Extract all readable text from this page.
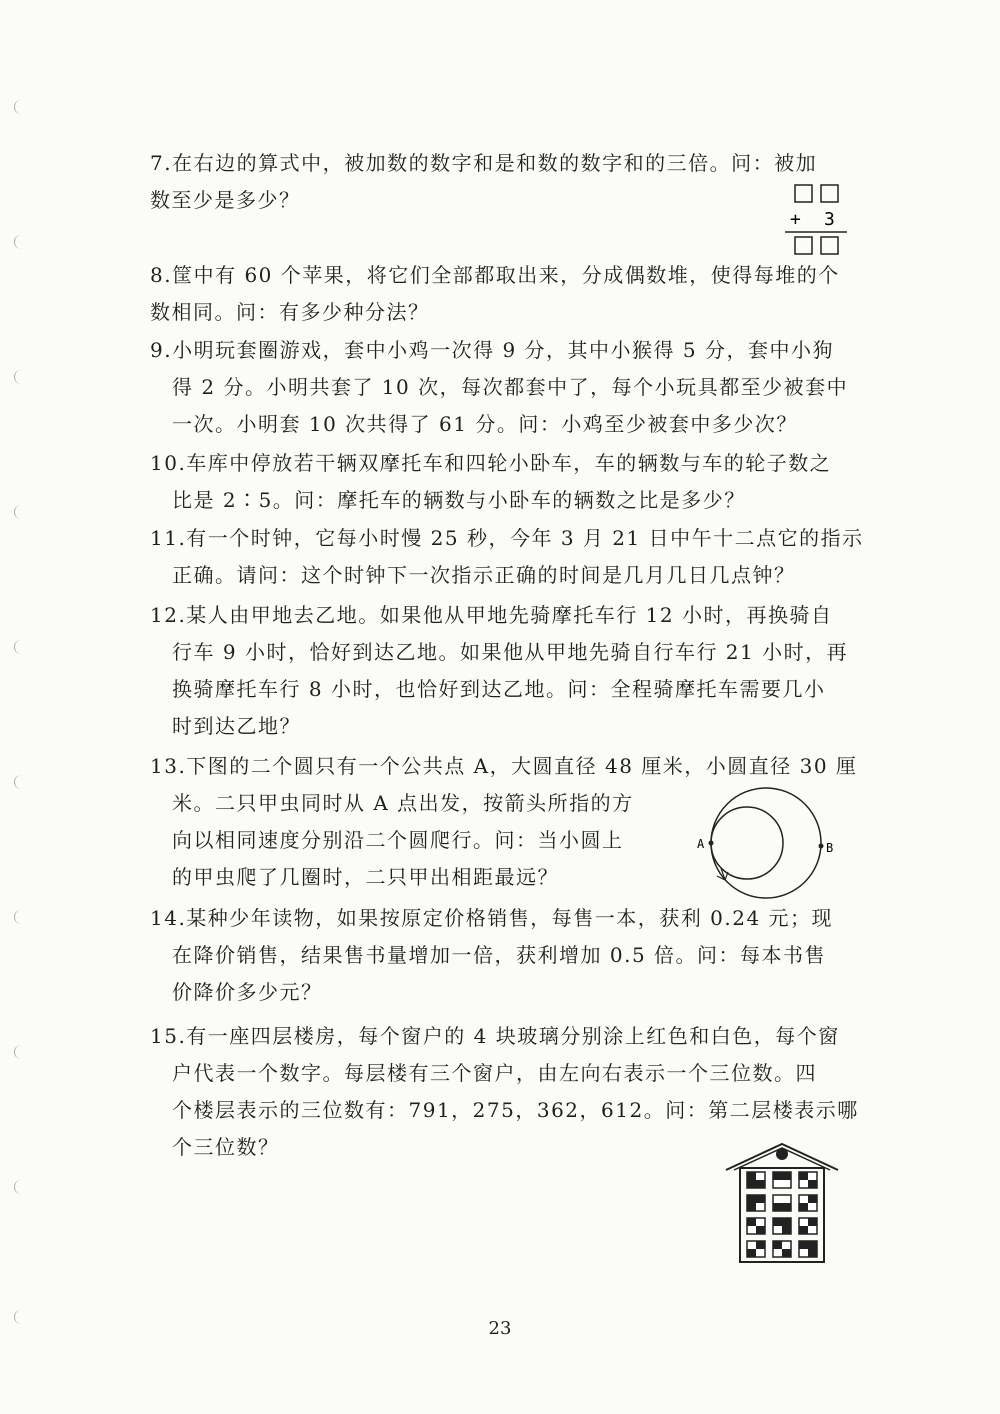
7.在右边的算式中，被加数的数字和是和数的数字和的三倍。问：被加
数至少是多少？
+ 3
8.筐中有 60 个苹果，将它们全部都取出来，分成偶数堆，使得每堆的个
数相同。问：有多少种分法？
9.小明玩套圈游戏，套中小鸡一次得 9 分，其中小猴得 5 分，套中小狗
得 2 分。小明共套了 10 次，每次都套中了，每个小玩具都至少被套中
一次。小明套 10 次共得了 61 分。问：小鸡至少被套中多少次？
10.车库中停放若干辆双摩托车和四轮小卧车，车的辆数与车的轮子数之
比是 2∶5。问：摩托车的辆数与小卧车的辆数之比是多少？
11.有一个时钟，它每小时慢 25 秒，今年 3 月 21 日中午十二点它的指示
正确。请问：这个时钟下一次指示正确的时间是几月几日几点钟？
12.某人由甲地去乙地。如果他从甲地先骑摩托车行 12 小时，再换骑自
行车 9 小时，恰好到达乙地。如果他从甲地先骑自行车行 21 小时，再
换骑摩托车行 8 小时，也恰好到达乙地。问：全程骑摩托车需要几小
时到达乙地？
13.下图的二个圆只有一个公共点 A，大圆直径 48 厘米，小圆直径 30 厘
米。二只甲虫同时从 A 点出发，按箭头所指的方
向以相同速度分别沿二个圆爬行。问：当小圆上
的甲虫爬了几圈时，二只甲出相距最远？
A	B
14.某种少年读物，如果按原定价格销售，每售一本，获利 0.24 元；现
在降价销售，结果售书量增加一倍，获利增加 0.5 倍。问：每本书售
价降价多少元？
15.有一座四层楼房，每个窗户的 4 块玻璃分别涂上红色和白色，每个窗
户代表一个数字。每层楼有三个窗户，由左向右表示一个三位数。四
个楼层表示的三位数有：791，275，362，612。问：第二层楼表示哪
个三位数？
23
